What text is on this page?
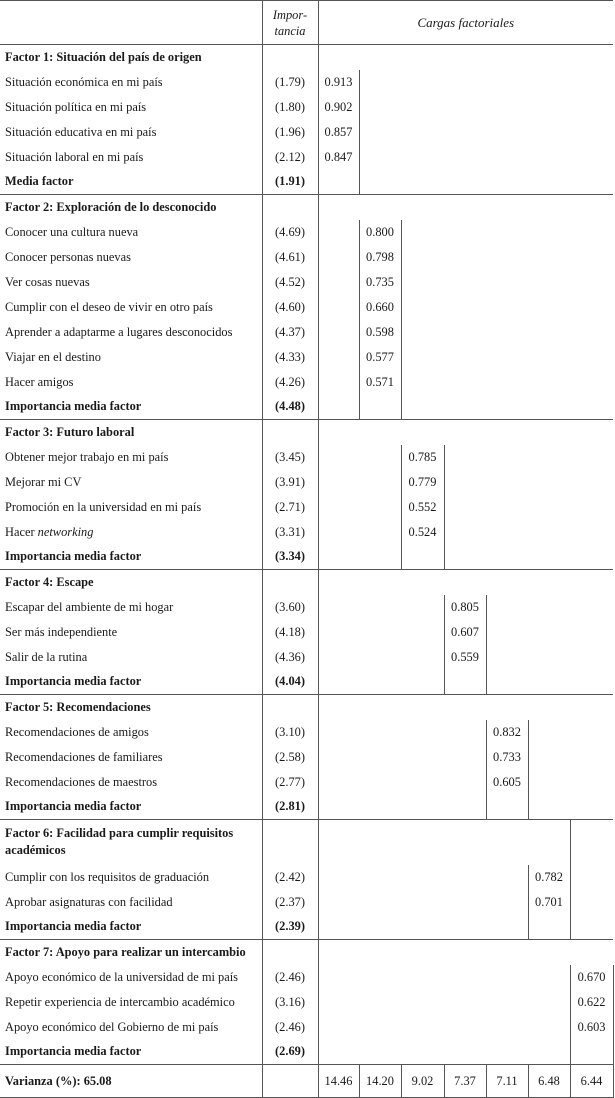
	Impor-
tancia	Cargas factoriales						
Factor 1: Situación del país de origen								
Situación económica en mi país	(1.79)	0.913						
Situación política en mi país	(1.80)	0.902						
Situación educativa en mi país	(1.96)	0.857						
Situación laboral en mi país	(2.12)	0.847						
Media factor	(1.91)							
Factor 2: Exploración de lo desconocido								
Conocer una cultura nueva	(4.69)		0.800					
Conocer personas nuevas	(4.61)		0.798					
Ver cosas nuevas	(4.52)		0.735					
Cumplir con el deseo de vivir en otro país	(4.60)		0.660					
Aprender a adaptarme a lugares desconocidos	(4.37)		0.598					
Viajar en el destino	(4.33)		0.577					
Hacer amigos	(4.26)		0.571					
Importancia media factor	(4.48)							
Factor 3: Futuro laboral								
Obtener mejor trabajo en mi país	(3.45)			0.785				
Mejorar mi CV	(3.91)			0.779				
Promoción en la universidad en mi país	(2.71)			0.552				
Hacer networking	(3.31)			0.524				
Importancia media factor	(3.34)							
Factor 4: Escape								
Escapar del ambiente de mi hogar	(3.60)				0.805			
Ser más independiente	(4.18)				0.607			
Salir de la rutina	(4.36)				0.559			
Importancia media factor	(4.04)							
Factor 5: Recomendaciones								
Recomendaciones de amigos	(3.10)					0.832		
Recomendaciones de familiares	(2.58)					0.733		
Recomendaciones de maestros	(2.77)					0.605		
Importancia media factor	(2.81)							
Factor 6: Facilidad para cumplir requisitos académicos								
Cumplir con los requisitos de graduación	(2.42)						0.782	
Aprobar asignaturas con facilidad	(2.37)						0.701	
Importancia media factor	(2.39)							
Factor 7: Apoyo para realizar un intercambio								
Apoyo económico de la universidad de mi país	(2.46)							0.670
Repetir experiencia de intercambio académico	(3.16)							0.622
Apoyo económico del Gobierno de mi país	(2.46)							0.603
Importancia media factor	(2.69)							
Varianza (%): 65.08		14.46	14.20	9.02	7.37	7.11	6.48	6.44
